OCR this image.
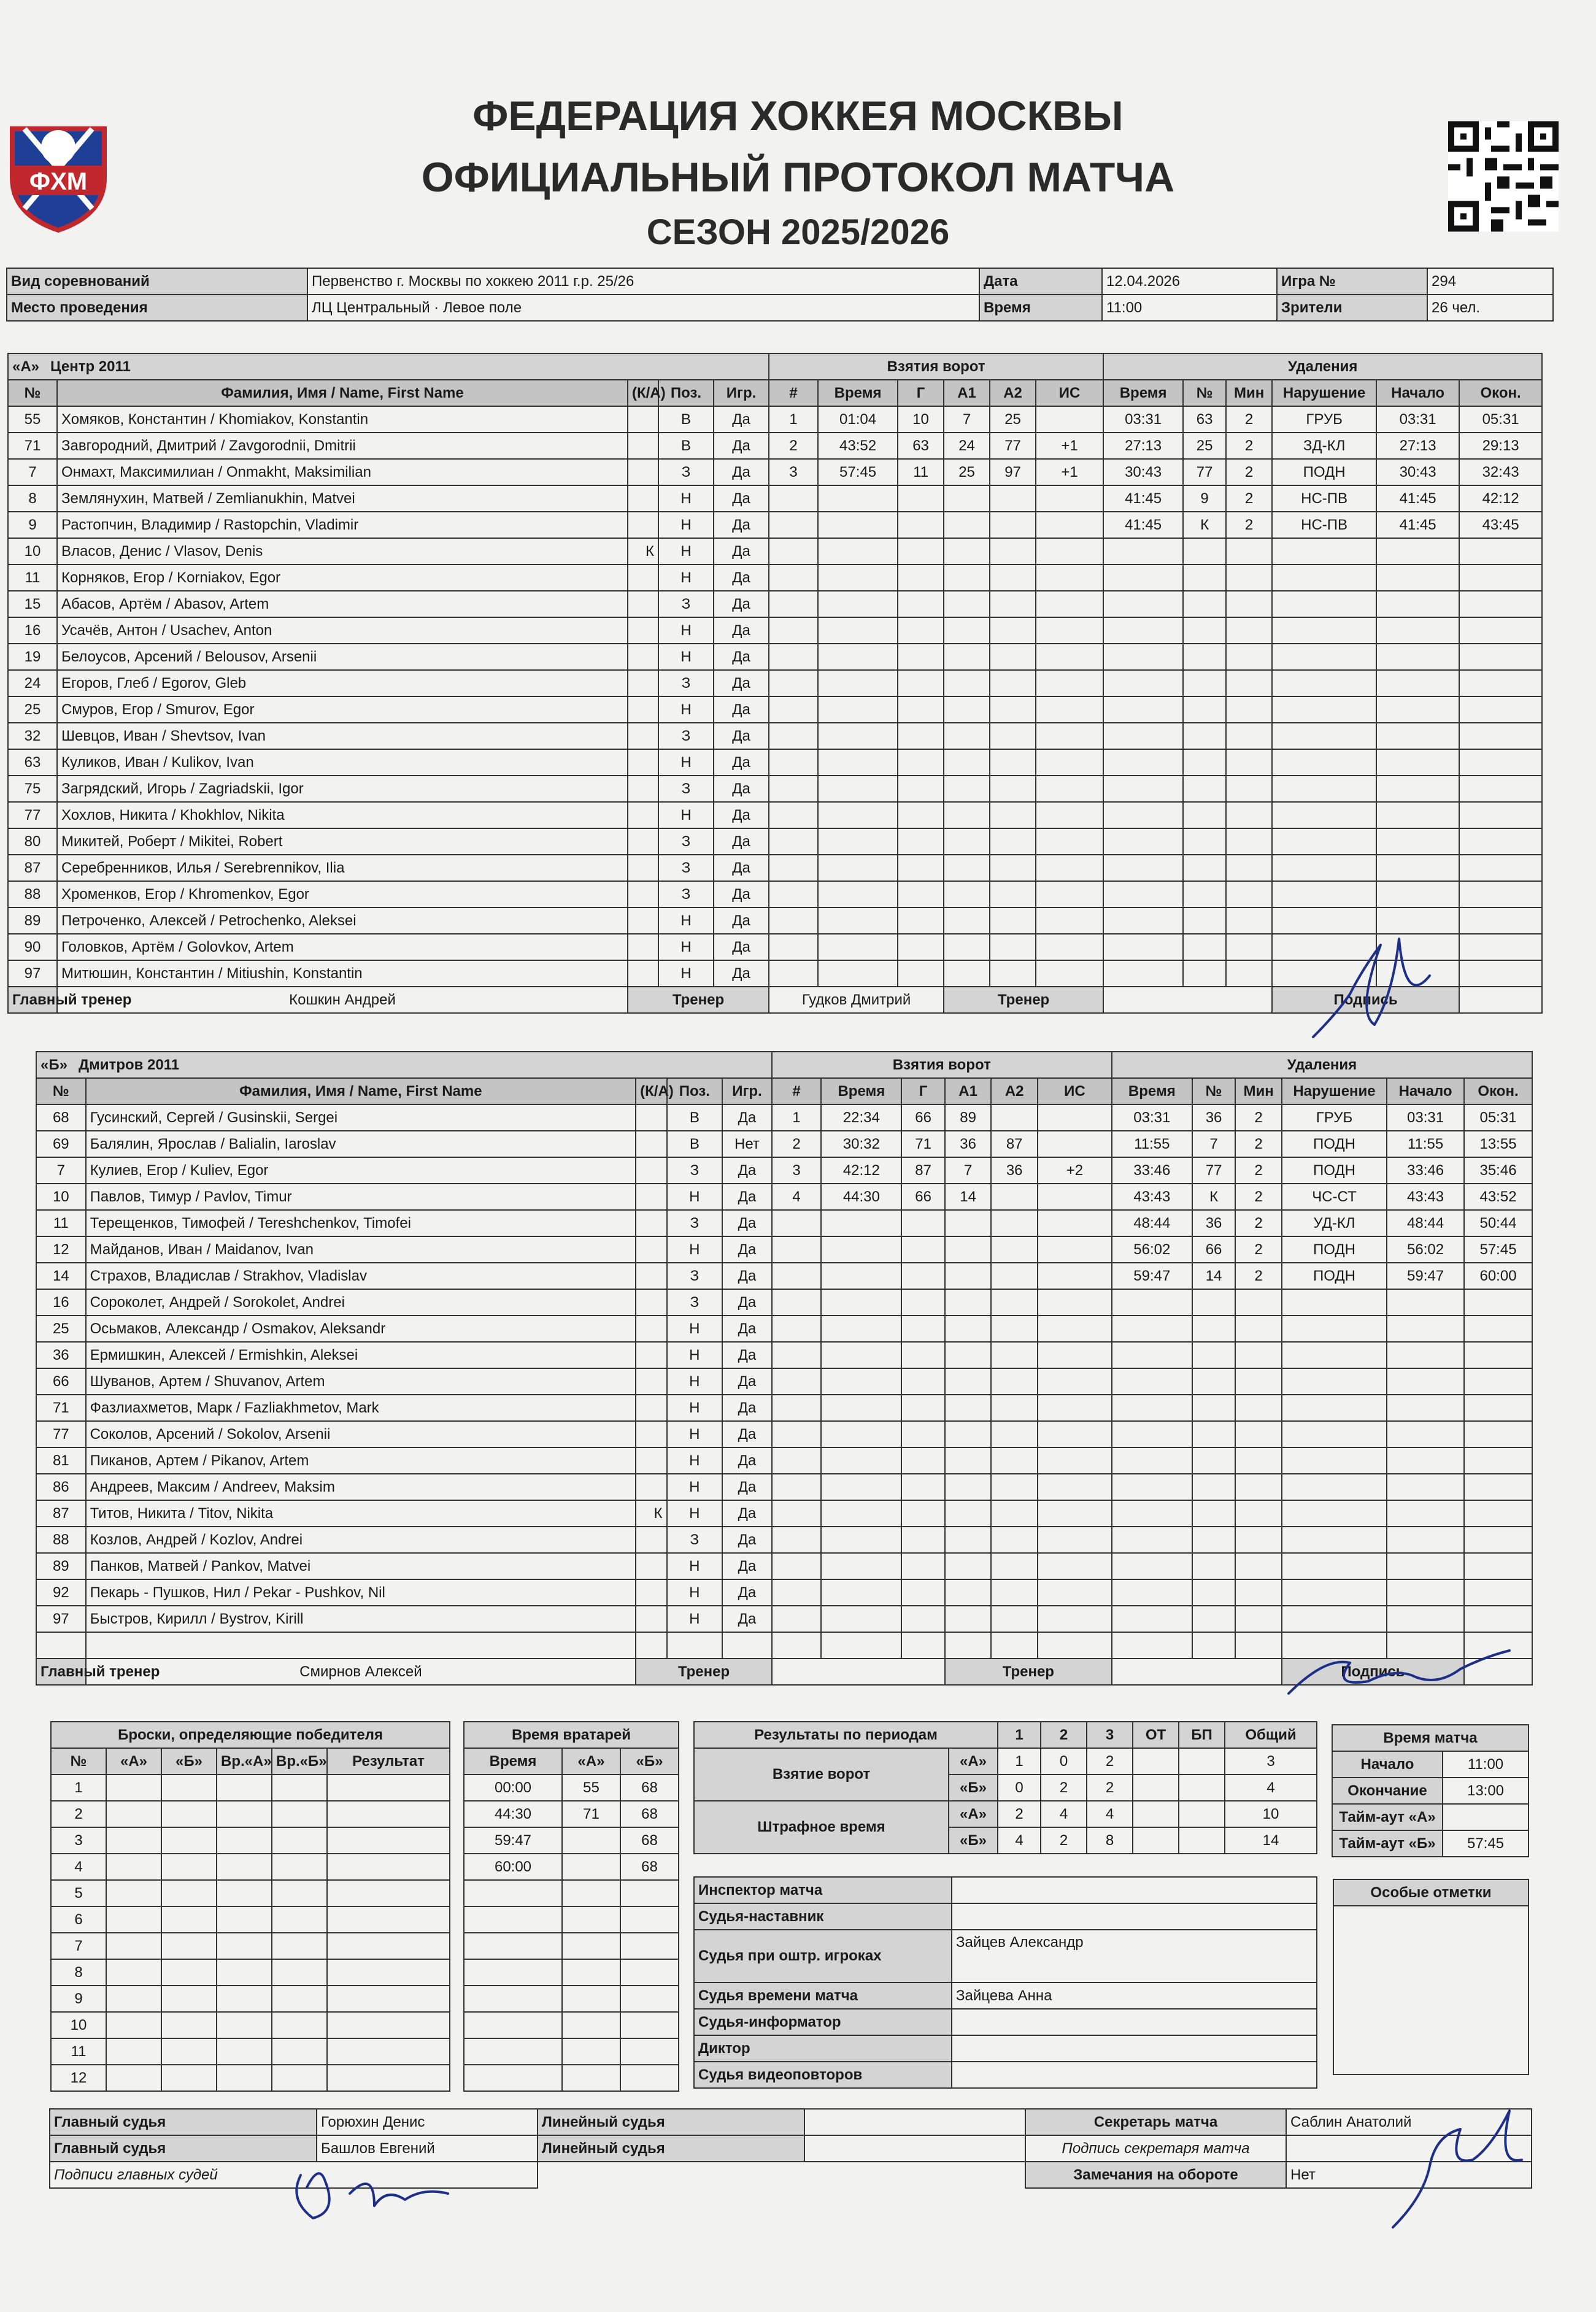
ФХМ
ФЕДЕРАЦИЯ ХОККЕЯ МОСКВЫ
ОФИЦИАЛЬНЫЙ ПРОТОКОЛ МАТЧА
СЕЗОН 2025/2026
Вид соревнований	Первенство г. Москвы по хоккею 2011 г.р. 25/26	Дата	12.04.2026	Игра №	294
Место проведения	ЛЦ Центральный · Левое поле	Время	11:00	Зрители	26 чел.
«А» Центр 2011					Взятия ворот						Удаления					
№	Фамилия, Имя / Name, First Name	(К/А)	Поз.	Игр.	#	Время	Г	А1	А2	ИС	Время	№	Мин	Нарушение	Начало	Окон.
55	Хомяков, Константин / Khomiakov, Konstantin		В	Да	1	01:04	10	7	25		03:31	63	2	ГРУБ	03:31	05:31
71	Завгородний, Дмитрий / Zavgorodnii, Dmitrii		В	Да	2	43:52	63	24	77	+1	27:13	25	2	ЗД-КЛ	27:13	29:13
7	Онмахт, Максимилиан / Onmakht, Maksimilian		З	Да	3	57:45	11	25	97	+1	30:43	77	2	ПОДН	30:43	32:43
8	Землянухин, Матвей / Zemlianukhin, Matvei		Н	Да							41:45	9	2	НС-ПВ	41:45	42:12
9	Растопчин, Владимир / Rastopchin, Vladimir		Н	Да							41:45	К	2	НС-ПВ	41:45	43:45
10	Власов, Денис / Vlasov, Denis	К	Н	Да												
11	Корняков, Егор / Korniakov, Egor		Н	Да												
15	Абасов, Артём / Abasov, Artem		З	Да												
16	Усачёв, Антон / Usachev, Anton		Н	Да												
19	Белоусов, Арсений / Belousov, Arsenii		Н	Да												
24	Егоров, Глеб / Egorov, Gleb		З	Да												
25	Смуров, Егор / Smurov, Egor		Н	Да												
32	Шевцов, Иван / Shevtsov, Ivan		З	Да												
63	Куликов, Иван / Kulikov, Ivan		Н	Да												
75	Загрядский, Игорь / Zagriadskii, Igor		З	Да												
77	Хохлов, Никита / Khokhlov, Nikita		Н	Да												
80	Микитей, Роберт / Mikitei, Robert		З	Да												
87	Серебренников, Илья / Serebrennikov, Ilia		З	Да												
88	Хроменков, Егор / Khromenkov, Egor		З	Да												
89	Петроченко, Алексей / Petrochenko, Aleksei		Н	Да												
90	Головков, Артём / Golovkov, Artem		Н	Да												
97	Митюшин, Константин / Mitiushin, Konstantin		Н	Да												
Главный тренер	Кошкин Андрей	Тренер			Гудков Дмитрий			Тренер						Подпись		
«Б» Дмитров 2011					Взятия ворот						Удаления					
№	Фамилия, Имя / Name, First Name	(К/А)	Поз.	Игр.	#	Время	Г	А1	А2	ИС	Время	№	Мин	Нарушение	Начало	Окон.
68	Гусинский, Сергей / Gusinskii, Sergei		В	Да	1	22:34	66	89			03:31	36	2	ГРУБ	03:31	05:31
69	Балялин, Ярослав / Balialin, Iaroslav		В	Нет	2	30:32	71	36	87		11:55	7	2	ПОДН	11:55	13:55
7	Кулиев, Егор / Kuliev, Egor		З	Да	3	42:12	87	7	36	+2	33:46	77	2	ПОДН	33:46	35:46
10	Павлов, Тимур / Pavlov, Timur		Н	Да	4	44:30	66	14			43:43	К	2	ЧС-СТ	43:43	43:52
11	Терещенков, Тимофей / Tereshchenkov, Timofei		З	Да							48:44	36	2	УД-КЛ	48:44	50:44
12	Майданов, Иван / Maidanov, Ivan		Н	Да							56:02	66	2	ПОДН	56:02	57:45
14	Страхов, Владислав / Strakhov, Vladislav		З	Да							59:47	14	2	ПОДН	59:47	60:00
16	Сороколет, Андрей / Sorokolet, Andrei		З	Да												
25	Осьмаков, Александр / Osmakov, Aleksandr		Н	Да												
36	Ермишкин, Алексей / Ermishkin, Aleksei		Н	Да												
66	Шуванов, Артем / Shuvanov, Artem		Н	Да												
71	Фазлиахметов, Марк / Fazliakhmetov, Mark		Н	Да												
77	Соколов, Арсений / Sokolov, Arsenii		Н	Да												
81	Пиканов, Артем / Pikanov, Artem		Н	Да												
86	Андреев, Максим / Andreev, Maksim		Н	Да												
87	Титов, Никита / Titov, Nikita	К	Н	Да												
88	Козлов, Андрей / Kozlov, Andrei		З	Да												
89	Панков, Матвей / Pankov, Matvei		Н	Да												
92	Пекарь - Пушков, Нил / Pekar - Pushkov, Nil		Н	Да												
97	Быстров, Кирилл / Bystrov, Kirill		Н	Да												

Главный тренер	Смирнов Алексей	Тренер						Тренер						Подпись		
Броски, определяющие победителя					
№	«А»	«Б»	Вр.«А»	Вр.«Б»	Результат
1					
2					
3					
4					
5					
6					
7					
8					
9					
10					
11					
12					
Время вратарей		
Время	«А»	«Б»
00:00	55	68
44:30	71	68
59:47		68
60:00		68

Результаты по периодам		1	2	3	ОТ	БП	Общий
Взятие ворот	«А»	1	0	2			3
	«Б»	0	2	2			4
Штрафное время	«А»	2	4	4			10
	«Б»	4	2	8			14
Время матча	
Начало	11:00
Окончание	13:00
Тайм-аут «А»	
Тайм-аут «Б»	57:45
Инспектор матча	
Судья-наставник	
Судья при оштр. игроках	Зайцев Александр
Судья времени матча	Зайцева Анна
Судья-информатор	
Диктор	
Судья видеоповторов	
Особые отметки

Главный судья	Горюхин Денис	Линейный судья		Секретарь матча	Саблин Анатолий
Главный судья	Башлов Евгений	Линейный судья		Подпись секретаря матча	
Подписи главных судей				Замечания на обороте	Нет
